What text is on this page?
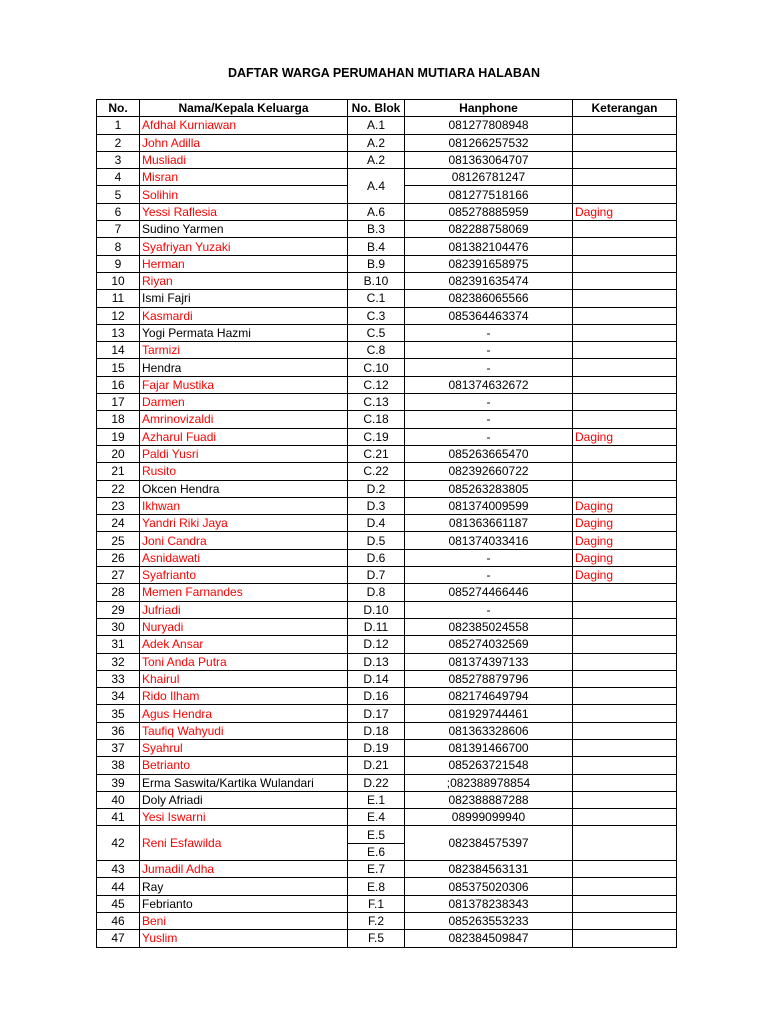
DAFTAR WARGA PERUMAHAN MUTIARA HALABAN
No.	Nama/Kepala Keluarga	No. Blok	Hanphone	Keterangan
1	Afdhal Kurniawan	A.1	081277808948	
2	John Adilla	A.2	081266257532	
3	Musliadi	A.2	081363064707	
4	Misran	A.4	08126781247	
5	Solihin		081277518166	
6	Yessi Raflesia	A.6	085278885959	Daging
7	Sudino Yarmen	B.3	082288758069	
8	Syafriyan Yuzaki	B.4	081382104476	
9	Herman	B.9	082391658975	
10	Riyan	B.10	082391635474	
11	Ismi Fajri	C.1	082386065566	
12	Kasmardi	C.3	085364463374	
13	Yogi Permata Hazmi	C.5	-	
14	Tarmizi	C.8	-	
15	Hendra	C.10	-	
16	Fajar Mustika	C.12	081374632672	
17	Darmen	C.13	-	
18	Amrinovizaldi	C.18	-	
19	Azharul Fuadi	C.19	-	Daging
20	Paldi Yusri	C.21	085263665470	
21	Rusito	C.22	082392660722	
22	Okcen Hendra	D.2	085263283805	
23	Ikhwan	D.3	081374009599	Daging
24	Yandri Riki Jaya	D.4	081363661187	Daging
25	Joni Candra	D.5	081374033416	Daging
26	Asnidawati	D.6	-	Daging
27	Syafrianto	D.7	-	Daging
28	Memen Farnandes	D.8	085274466446	
29	Jufriadi	D.10	-	
30	Nuryadi	D.11	082385024558	
31	Adek Ansar	D.12	085274032569	
32	Toni Anda Putra	D.13	081374397133	
33	Khairul	D.14	085278879796	
34	Rido Ilham	D.16	082174649794	
35	Agus Hendra	D.17	081929744461	
36	Taufiq Wahyudi	D.18	081363328606	
37	Syahrul	D.19	081391466700	
38	Betrianto	D.21	085263721548	
39	Erma Saswita/Kartika Wulandari	D.22	;082388978854	
40	Doly Afriadi	E.1	082388887288	
41	Yesi Iswarni	E.4	08999099940	
42	Reni Esfawilda	E.5	082384575397	
		E.6		
43	Jumadil Adha	E.7	082384563131	
44	Ray	E.8	085375020306	
45	Febrianto	F.1	081378238343	
46	Beni	F.2	085263553233	
47	Yuslim	F.5	082384509847	
